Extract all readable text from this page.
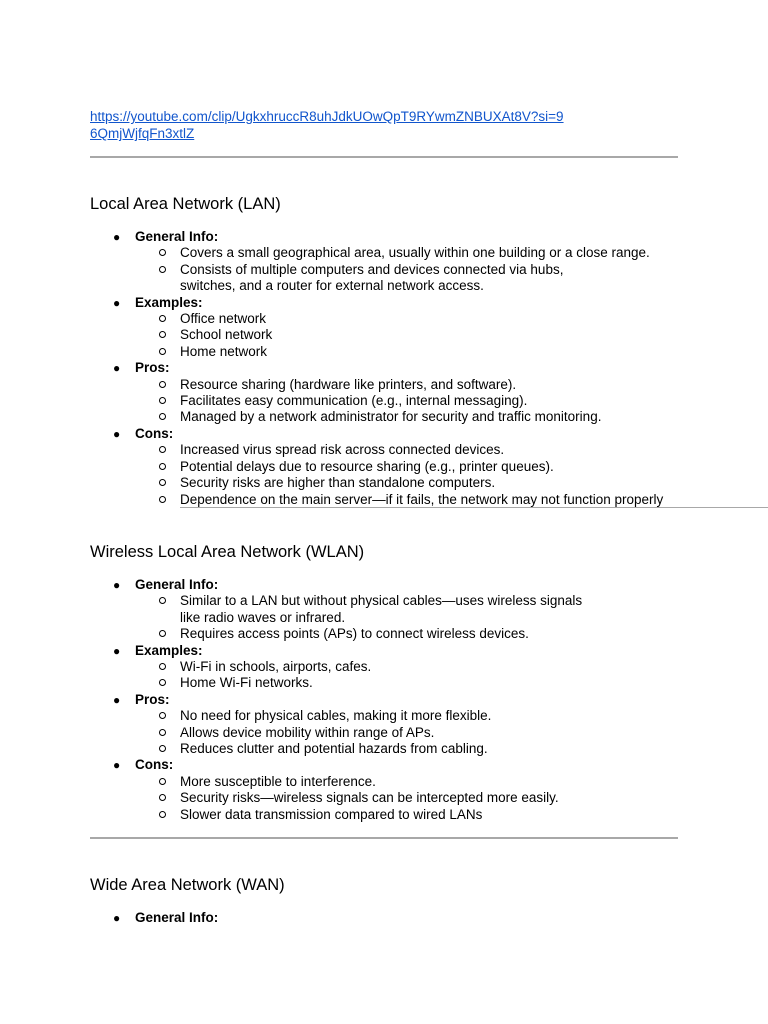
https://youtube.com/clip/UgkxhruccR8uhJdkUOwQpT9RYwmZNBUXAt8V?si=96QmjWjfqFn3xtlZ
Local Area Network (LAN)
● General Info:
Covers a small geographical area, usually within one building or a close range.
Consists of multiple computers and devices connected via hubs, switches, and a router for external network access.
● Examples:
Office network
School network
Home network
● Pros:
Resource sharing (hardware like printers, and software).
Facilitates easy communication (e.g., internal messaging).
Managed by a network administrator for security and traffic monitoring.
● Cons:
Increased virus spread risk across connected devices.
Potential delays due to resource sharing (e.g., printer queues).
Security risks are higher than standalone computers.
Dependence on the main server—if it fails, the network may not function properly
Wireless Local Area Network (WLAN)
● General Info:
Similar to a LAN but without physical cables—uses wireless signals like radio waves or infrared.
Requires access points (APs) to connect wireless devices.
● Examples:
Wi-Fi in schools, airports, cafes.
Home Wi-Fi networks.
● Pros:
No need for physical cables, making it more flexible.
Allows device mobility within range of APs.
Reduces clutter and potential hazards from cabling.
● Cons:
More susceptible to interference.
Security risks—wireless signals can be intercepted more easily.
Slower data transmission compared to wired LANs
Wide Area Network (WAN)
● General Info:
